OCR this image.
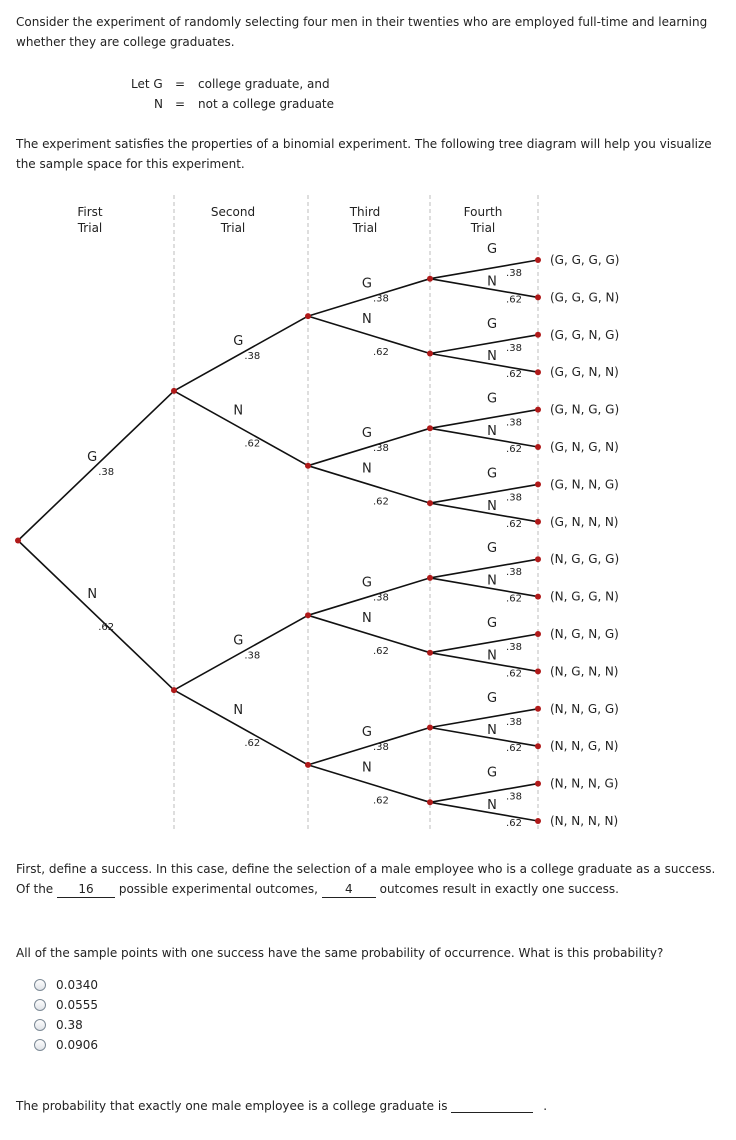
Consider the experiment of randomly selecting four men in their twenties who are employed full-time and learning whether they are college graduates.
Let G = college graduate, and
N = not a college graduate
The experiment satisfies the properties of a binomial experiment. The following tree diagram will help you visualize the sample space for this experiment.
First
Trial
Second
Trial
Third
Trial
Fourth
Trial
G
.38
N
.62
G
.38
N
.62
G
.38
N
.62
G
.38
N
.62
G
.38
N
.62
G
.38
N
.62
G
.38
N
.62
G
.38
N
.62
G
.38
N
.62
G
.38
N
.62
G
.38
N
.62
G
.38
N
.62
G
.38
N
.62
G
.38
N
.62
G
.38
N
.62
(G, G, G, G)
(G, G, G, N)
(G, G, N, G)
(G, G, N, N)
(G, N, G, G)
(G, N, G, N)
(G, N, N, G)
(G, N, N, N)
(N, G, G, G)
(N, G, G, N)
(N, G, N, G)
(N, G, N, N)
(N, N, G, G)
(N, N, G, N)
(N, N, N, G)
(N, N, N, N)
First, define a success. In this case, define the selection of a male employee who is a college graduate as a success.
Of the 16 possible experimental outcomes, 4 outcomes result in exactly one success.
All of the sample points with one success have the same probability of occurrence. What is this probability?
0.0340
0.0555
0.38
0.0906
The probability that exactly one male employee is a college graduate is	.
